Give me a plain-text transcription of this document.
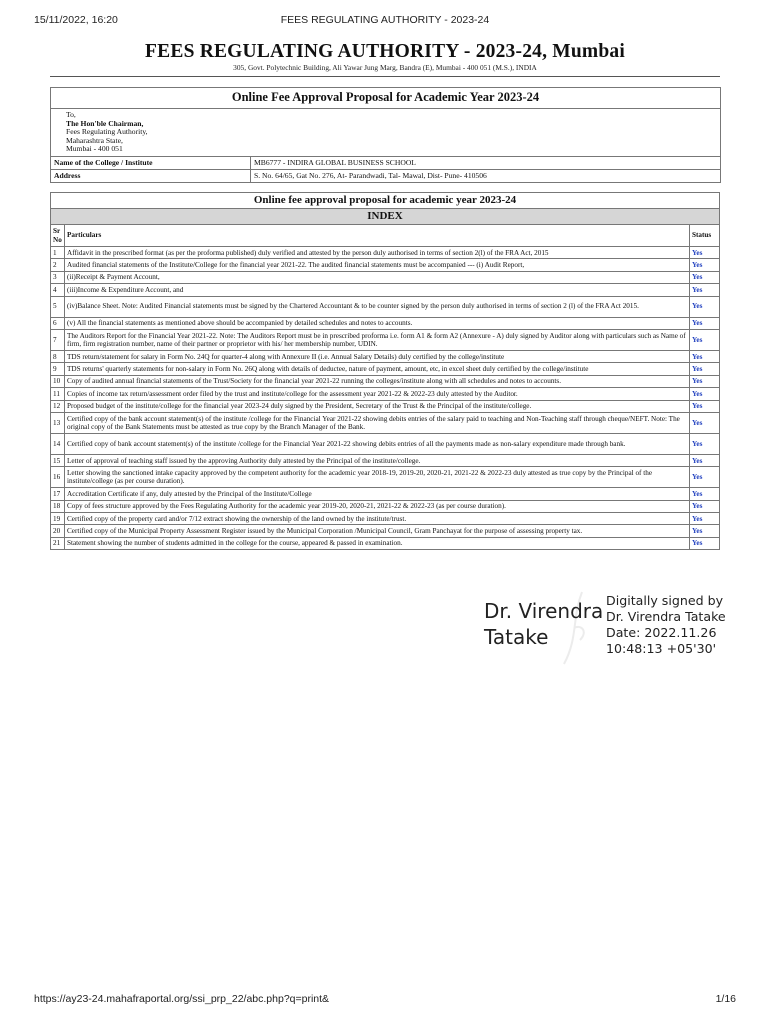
15/11/2022, 16:20	FEES REGULATING AUTHORITY - 2023-24
FEES REGULATING AUTHORITY - 2023-24, Mumbai
305, Govt. Polytechnic Building, Ali Yawar Jung Marg, Bandra (E), Mumbai - 400 051 (M.S.), INDIA
Online Fee Approval Proposal for Academic Year 2023-24
To,
The Hon'ble Chairman,
Fees Regulating Authority,
Maharashtra State,
Mumbai - 400 051
Name of the College / Institute	MB6777 - INDIRA GLOBAL BUSINESS SCHOOL
Address	S. No. 64/65, Gat No. 276, At- Parandwadi, Tal- Mawal, Dist- Pune- 410506
Online fee approval proposal for academic year 2023-24		
INDEX		
Sr No	Particulars	Status
1	Affidavit in the prescribed format (as per the proforma published) duly verified and attested by the person duly authorised in terms of section 2(l) of the FRA Act, 2015	Yes
2	Audited financial statements of the Institute/College for the financial year 2021-22. The audited financial statements must be accompanied --- (i) Audit Report,	Yes
3	(ii)Receipt & Payment Account,	Yes
4	(iii)Income & Expenditure Account, and	Yes
5	(iv)Balance Sheet. Note: Audited Financial statements must be signed by the Chartered Accountant & to be counter signed by the person duly authorised in terms of section 2 (l) of the FRA Act 2015.	Yes
6	(v) All the financial statements as mentioned above should be accompanied by detailed schedules and notes to accounts.	Yes
7	The Auditors Report for the Financial Year 2021-22. Note: The Auditors Report must be in prescribed proforma i.e. form A1 & form A2 (Annexure - A) duly signed by Auditor along with particulars such as Name of firm, firm registration number, name of their partner or proprietor with his/ her membership number, UDIN.	Yes
8	TDS return/statement for salary in Form No. 24Q for quarter-4 along with Annexure II (i.e. Annual Salary Details) duly certified by the college/institute	Yes
9	TDS returns' quarterly statements for non-salary in Form No. 26Q along with details of deductee, nature of payment, amount, etc, in excel sheet duly certified by the college/institute	Yes
10	Copy of audited annual financial statements of the Trust/Society for the financial year 2021-22 running the colleges/institute along with all schedules and notes to accounts.	Yes
11	Copies of income tax return/assessment order filed by the trust and institute/college for the assessment year 2021-22 & 2022-23 duly attested by the Auditor.	Yes
12	Proposed budget of the institute/college for the financial year 2023-24 duly signed by the President, Secretary of the Trust & the Principal of the institute/college.	Yes
13	Certified copy of the bank account statement(s) of the institute /college for the Financial Year 2021-22 showing debits entries of the salary paid to teaching and Non-Teaching staff through cheque/NEFT. Note: The original copy of the Bank Statements must be attested as true copy by the Branch Manager of the Bank.	Yes
14	Certified copy of bank account statement(s) of the institute /college for the Financial Year 2021-22 showing debits entries of all the payments made as non-salary expenditure made through bank.	Yes
15	Letter of approval of teaching staff issued by the approving Authority duly attested by the Principal of the institute/college.	Yes
16	Letter showing the sanctioned intake capacity approved by the competent authority for the academic year 2018-19, 2019-20, 2020-21, 2021-22 & 2022-23 duly attested as true copy by the Principal of the institute/college (as per course duration).	Yes
17	Accreditation Certificate if any, duly attested by the Principal of the Institute/College	Yes
18	Copy of fees structure approved by the Fees Regulating Authority for the academic year 2019-20, 2020-21, 2021-22 & 2022-23 (as per course duration).	Yes
19	Certified copy of the property card and/or 7/12 extract showing the ownership of the land owned by the institute/trust.	Yes
20	Certified copy of the Municipal Property Assessment Register issued by the Municipal Corporation /Municipal Council, Gram Panchayat for the purpose of assessing property tax.	Yes
21	Statement showing the number of students admitted in the college for the course, appeared & passed in examination.	Yes
Dr. Virendra
Tatake
Digitally signed by
Dr. Virendra Tatake
Date: 2022.11.26
10:48:13 +05'30'
https://ay23-24.mahafraportal.org/ssi_prp_22/abc.php?q=print&	1/16
